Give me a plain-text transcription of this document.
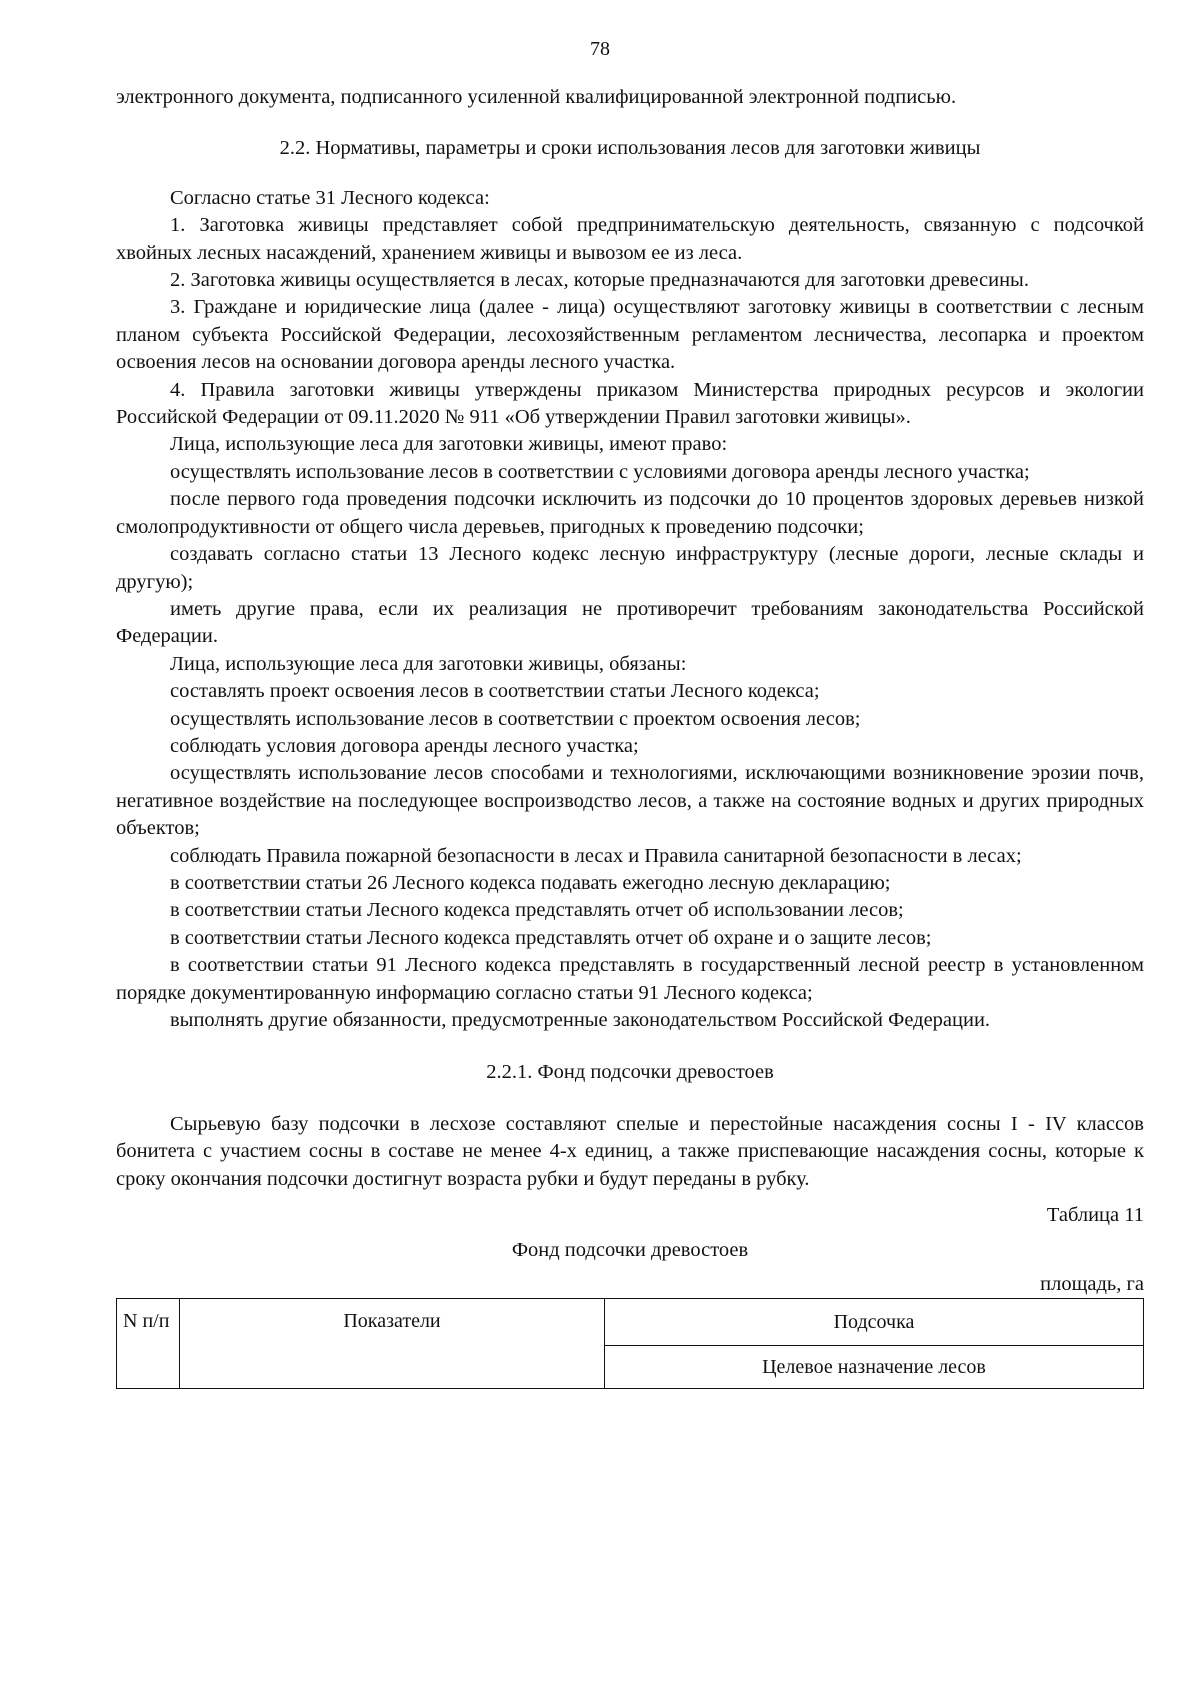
78

электронного документа, подписанного усиленной квалифицированной электронной подписью.

2.2. Нормативы, параметры и сроки использования лесов для заготовки живицы

Согласно статье 31 Лесного кодекса:

1. Заготовка живицы представляет собой предпринимательскую деятельность, связанную с подсочкой хвойных лесных насаждений, хранением живицы и вывозом ее из леса.

2. Заготовка живицы осуществляется в лесах, которые предназначаются для заготовки древесины.

3. Граждане и юридические лица (далее - лица) осуществляют заготовку живицы в соответствии с лесным планом субъекта Российской Федерации, лесохозяйственным регламентом лесничества, лесопарка и проектом освоения лесов на основании договора аренды лесного участка.

4. Правила заготовки живицы утверждены приказом Министерства природных ресурсов и экологии Российской Федерации от 09.11.2020 № 911 «Об утверждении Правил заготовки живицы».

Лица, использующие леса для заготовки живицы, имеют право:

осуществлять использование лесов в соответствии с условиями договора аренды лесного участка;

после первого года проведения подсочки исключить из подсочки до 10 процентов здоровых деревьев низкой смолопродуктивности от общего числа деревьев, пригодных к проведению подсочки;

создавать согласно статьи 13 Лесного кодекс лесную инфраструктуру (лесные дороги, лесные склады и другую);

иметь другие права, если их реализация не противоречит требованиям законодательства Российской Федерации.

Лица, использующие леса для заготовки живицы, обязаны:

составлять проект освоения лесов в соответствии статьи Лесного кодекса;

осуществлять использование лесов в соответствии с проектом освоения лесов;

соблюдать условия договора аренды лесного участка;

осуществлять использование лесов способами и технологиями, исключающими возникновение эрозии почв, негативное воздействие на последующее воспроизводство лесов, а также на состояние водных и других природных объектов;

соблюдать Правила пожарной безопасности в лесах и Правила санитарной безопасности в лесах;

в соответствии статьи 26 Лесного кодекса подавать ежегодно лесную декларацию;

в соответствии статьи Лесного кодекса представлять отчет об использовании лесов;

в соответствии статьи Лесного кодекса представлять отчет об охране и о защите лесов;

в соответствии статьи 91 Лесного кодекса представлять в государственный лесной реестр в установленном порядке документированную информацию согласно статьи 91 Лесного кодекса;

выполнять другие обязанности, предусмотренные законодательством Российской Федерации.

2.2.1. Фонд подсочки древостоев

Сырьевую базу подсочки в лесхозе составляют спелые и перестойные насаждения сосны I - IV классов бонитета с участием сосны в составе не менее 4-х единиц, а также приспевающие насаждения сосны, которые к сроку окончания подсочки достигнут возраста рубки и будут переданы в рубку.

Таблица 11

Фонд подсочки древостоев

площадь, га

N п/п	Показатели	Подсочка
Целевое назначение лесов
